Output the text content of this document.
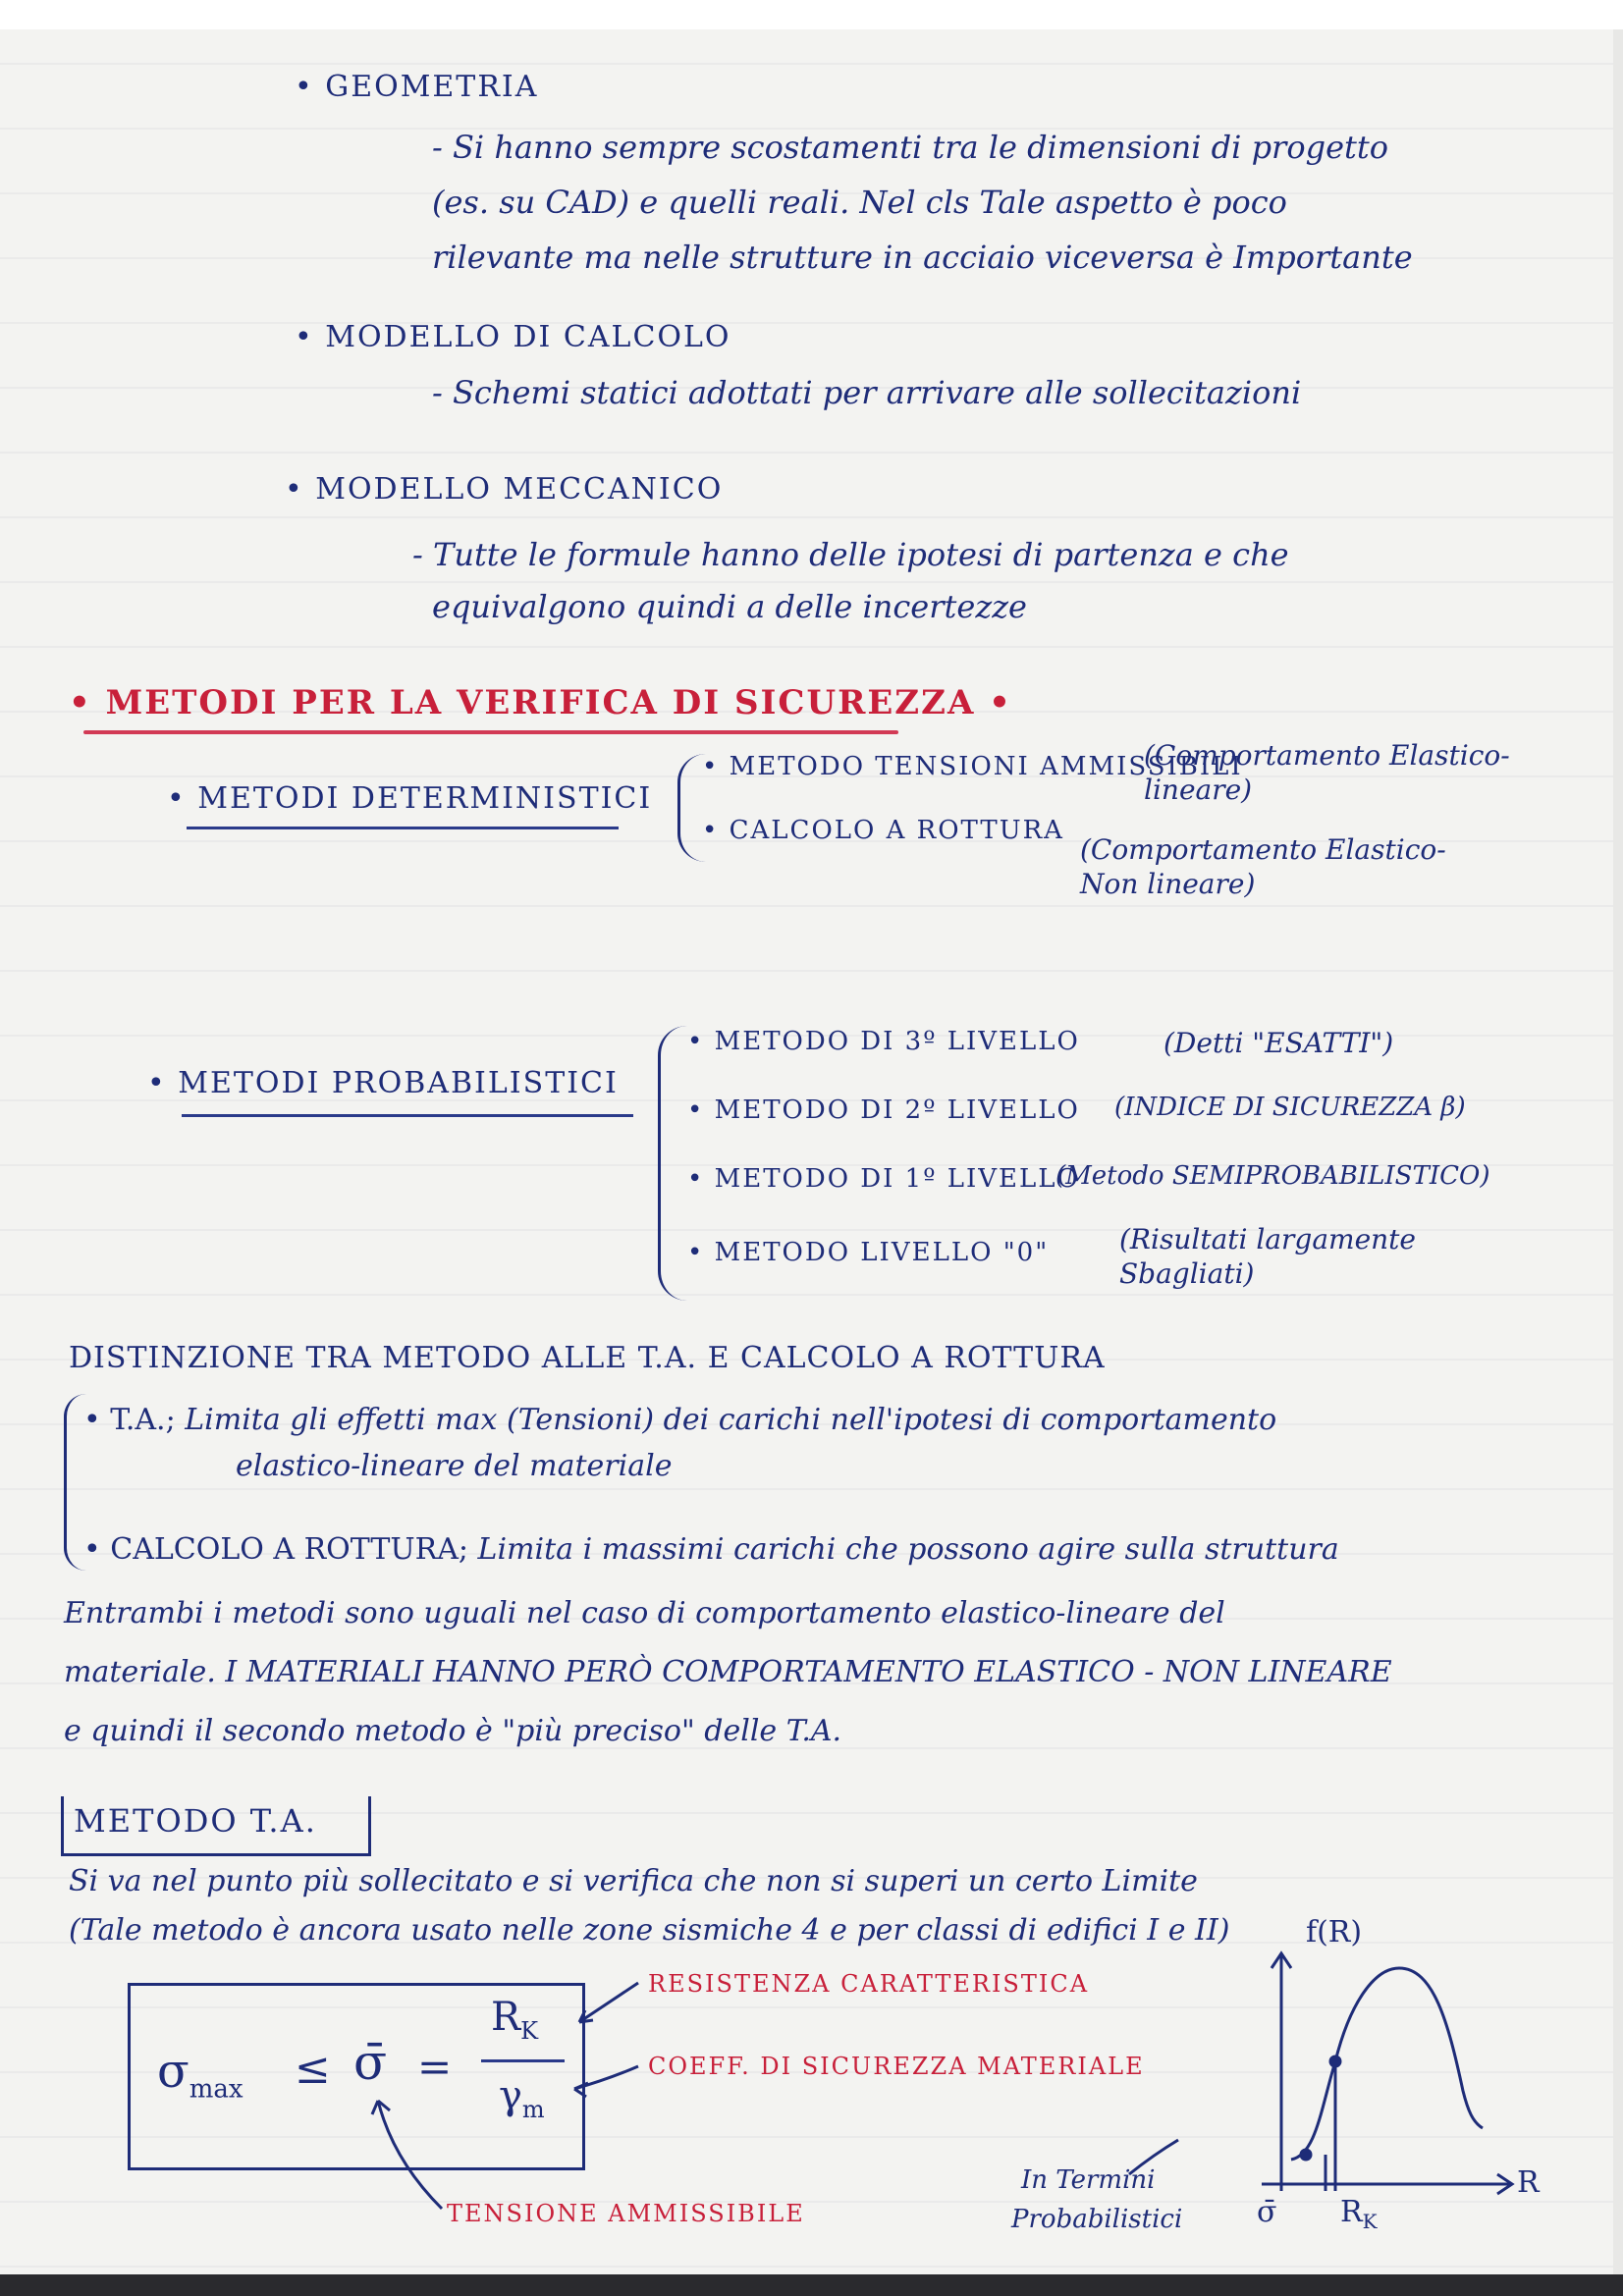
• GEOMETRIA
- Si hanno sempre scostamenti tra le dimensioni di progetto
(es. su CAD) e quelli reali. Nel cls Tale aspetto è poco
rilevante ma nelle strutture in acciaio viceversa è Importante
• MODELLO DI CALCOLO
- Schemi statici adottati per arrivare alle sollecitazioni
• MODELLO MECCANICO
- Tutte le formule hanno delle ipotesi di partenza e che
equivalgono quindi a delle incertezze
• METODI PER LA VERIFICA DI SICUREZZA •
• METODI DETERMINISTICI
• METODO TENSIONI AMMISSIBILI
(Comportamento Elastico-lineare)
• CALCOLO A ROTTURA
(Comportamento Elastico-Non lineare)
• METODI PROBABILISTICI
• METODO DI 3º LIVELLO	(Detti "ESATTI")
• METODO DI 2º LIVELLO (INDICE DI SICUREZZA β)
• METODO DI 1º LIVELLO
(Metodo SEMIPROBABILISTICO)
• METODO LIVELLO "0"	(Risultati largamente Sbagliati)
DISTINZIONE TRA METODO ALLE T.A. E CALCOLO A ROTTURA
• T.A.; Limita gli effetti max (Tensioni) dei carichi nell'ipotesi di comportamento
elastico-lineare del materiale
• CALCOLO A ROTTURA; Limita i massimi carichi che possono agire sulla struttura
Entrambi i metodi sono uguali nel caso di comportamento elastico-lineare del
materiale. I MATERIALI HANNO PERÒ COMPORTAMENTO ELASTICO - NON LINEARE
e quindi il secondo metodo è "più preciso" delle T.A.
METODO T.A.
Si va nel punto più sollecitato e si verifica che non si superi un certo Limite
(Tale metodo è ancora usato nelle zone sismiche 4 e per classi di edifici I e II)
$\sigma_{max}$ ≤ σ̄ =
$R_K$
$\gamma_m$
RESISTENZA CARATTERISTICA
COEFF. DI SICUREZZA MATERIALE
TENSIONE AMMISSIBILE
In Termini
Probabilistici
f(R)
R
σ̄ $R_K$
